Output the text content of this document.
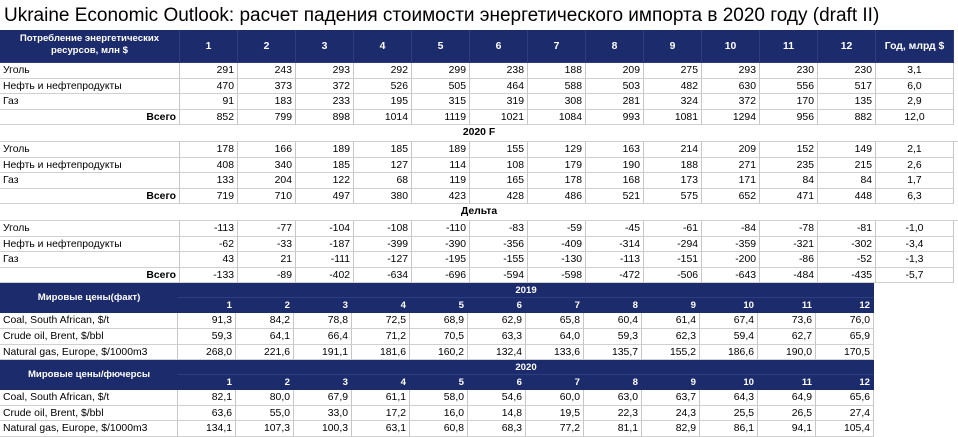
Ukraine Economic Outlook: расчет падения стоимости энергетического импорта в 2020 году (draft II)
Потребление энергетических ресурсов, млн $	1	2	3	4	5	6	7	8	9	10	11	12	Год, млрд $
Уголь	291	243	293	292	299	238	188	209	275	293	230	230	3,1
Нефть и нефтепродукты	470	373	372	526	505	464	588	503	482	630	556	517	6,0
Газ	91	183	233	195	315	319	308	281	324	372	170	135	2,9
Всего	852	799	898	1014	1119	1021	1084	993	1081	1294	956	882	12,0
2020 F
Уголь	178	166	189	185	189	155	129	163	214	209	152	149	2,1
Нефть и нефтепродукты	408	340	185	127	114	108	179	190	188	271	235	215	2,6
Газ	133	204	122	68	119	165	178	168	173	171	84	84	1,7
Всего	719	710	497	380	423	428	486	521	575	652	471	448	6,3
Дельта
Уголь	-113	-77	-104	-108	-110	-83	-59	-45	-61	-84	-78	-81	-1,0
Нефть и нефтепродукты	-62	-33	-187	-399	-390	-356	-409	-314	-294	-359	-321	-302	-3,4
Газ	43	21	-111	-127	-195	-155	-130	-113	-151	-200	-86	-52	-1,3
Всего	-133	-89	-402	-634	-696	-594	-598	-472	-506	-643	-484	-435	-5,7
Мировые цены(факт)
2019
1	2	3	4	5	6	7	8	9	10	11	12
Coal, South African, $/t	91,3	84,2	78,8	72,5	68,9	62,9	65,8	60,4	61,4	67,4	73,6	76,0
Crude oil, Brent, $/bbl	59,3	64,1	66,4	71,2	70,5	63,3	64,0	59,3	62,3	59,4	62,7	65,9
Natural gas, Europe, $/1000m3	268,0	221,6	191,1	181,6	160,2	132,4	133,6	135,7	155,2	186,6	190,0	170,5
Мировые цены/фючерсы
2020
1	2	3	4	5	6	7	8	9	10	11	12
Coal, South African, $/t	82,1	80,0	67,9	61,1	58,0	54,6	60,0	63,0	63,7	64,3	64,9	65,6
Crude oil, Brent, $/bbl	63,6	55,0	33,0	17,2	16,0	14,8	19,5	22,3	24,3	25,5	26,5	27,4
Natural gas, Europe, $/1000m3	134,1	107,3	100,3	63,1	60,8	68,3	77,2	81,1	82,9	86,1	94,1	105,4
